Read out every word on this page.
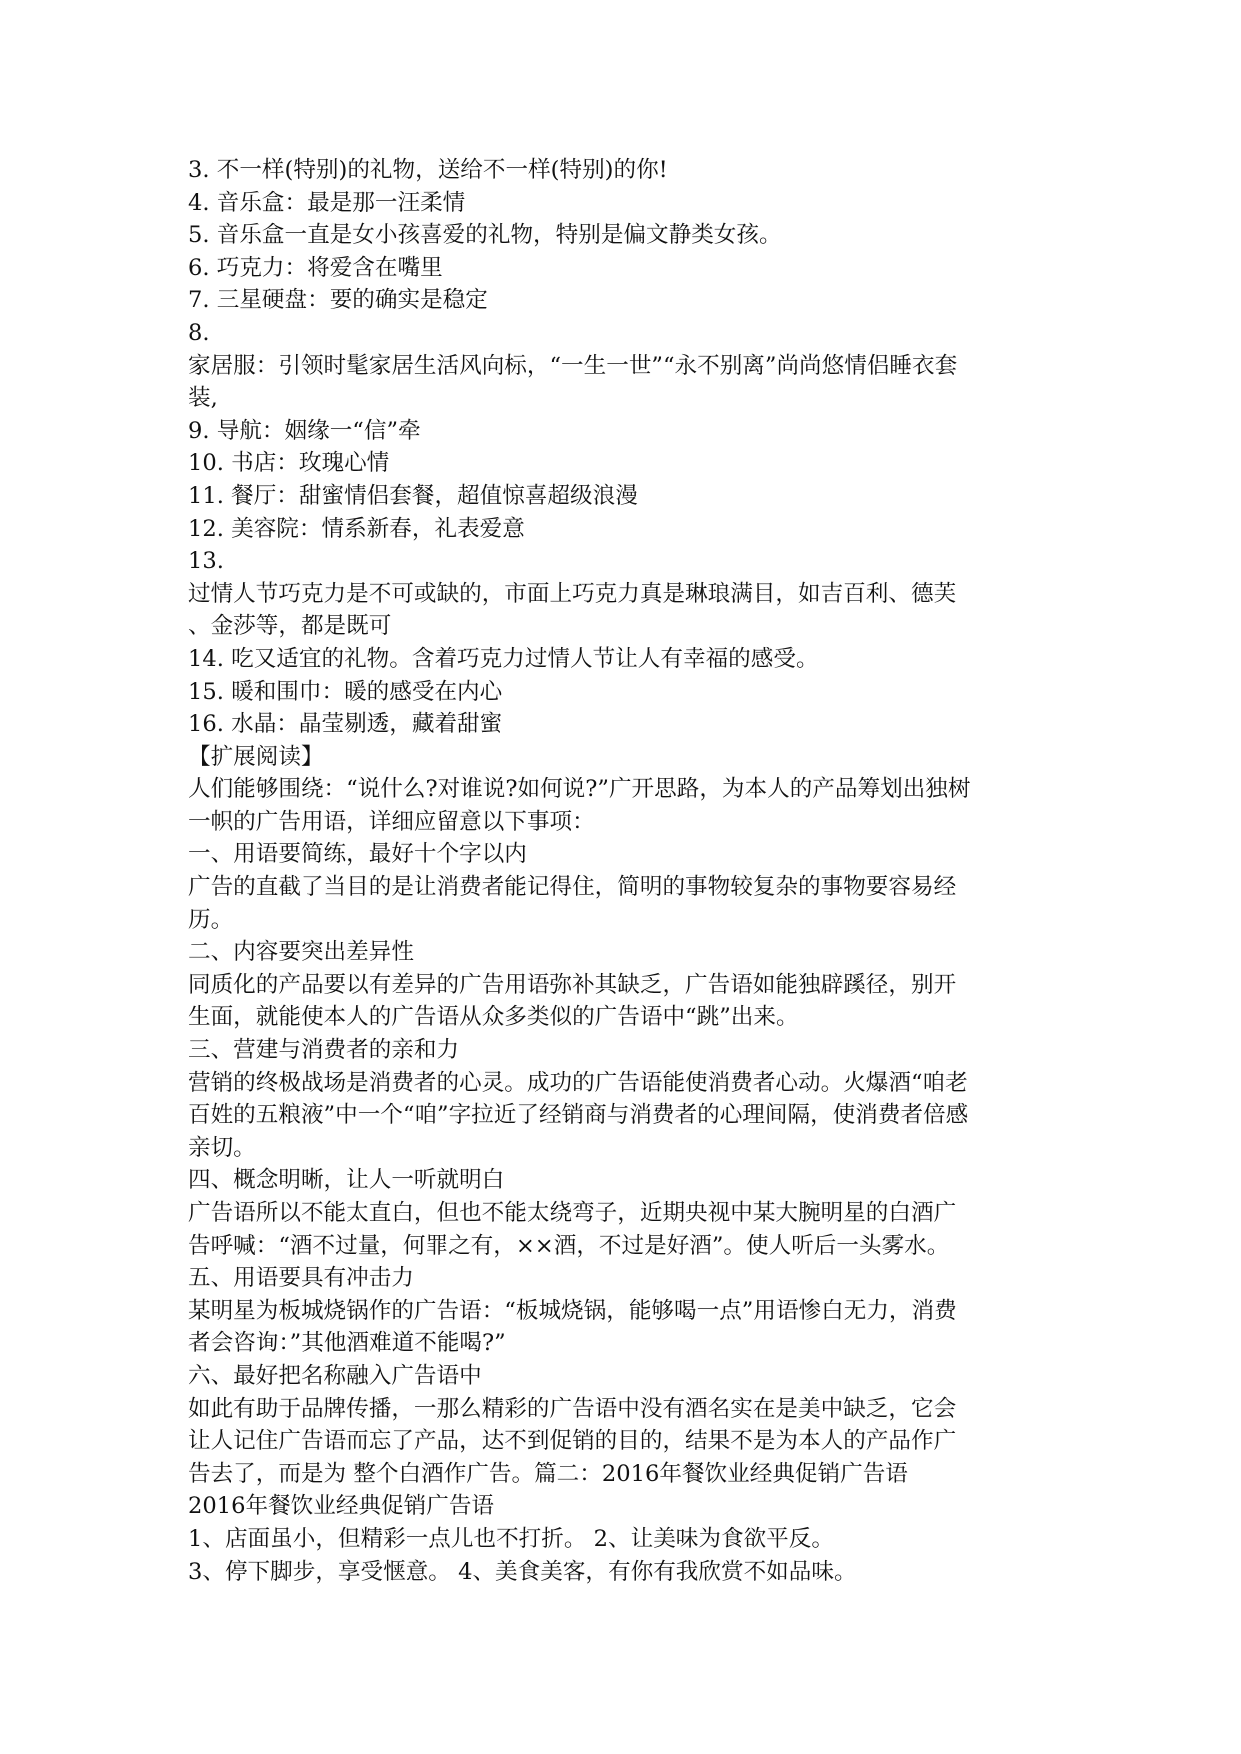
3. 不一样(特别)的礼物，送给不一样(特别)的你!
4. 音乐盒：最是那一汪柔情
5. 音乐盒一直是女小孩喜爱的礼物，特别是偏文静类女孩。
6. 巧克力：将爱含在嘴里
7. 三星硬盘：要的确实是稳定
8.
家居服：引领时髦家居生活风向标，“一生一世”“永不别离”尚尚悠情侣睡衣套
装,
9. 导航：姻缘一“信”牵
10. 书店：玫瑰心情
11. 餐厅：甜蜜情侣套餐，超值惊喜超级浪漫
12. 美容院：情系新春，礼表爱意
13.
过情人节巧克力是不可或缺的，市面上巧克力真是琳琅满目，如吉百利、德芙
、金莎等，都是既可
14. 吃又适宜的礼物。含着巧克力过情人节让人有幸福的感受。
15. 暖和围巾：暖的感受在内心
16. 水晶：晶莹剔透，藏着甜蜜
【扩展阅读】
人们能够围绕：“说什么?对谁说?如何说?”广开思路，为本人的产品筹划出独树
一帜的广告用语，详细应留意以下事项：
一、用语要简练，最好十个字以内
广告的直截了当目的是让消费者能记得住，简明的事物较复杂的事物要容易经
历。
二、内容要突出差异性
同质化的产品要以有差异的广告用语弥补其缺乏，广告语如能独辟蹊径，别开
生面，就能使本人的广告语从众多类似的广告语中“跳”出来。
三、营建与消费者的亲和力
营销的终极战场是消费者的心灵。成功的广告语能使消费者心动。火爆酒“咱老
百姓的五粮液”中一个“咱”字拉近了经销商与消费者的心理间隔，使消费者倍感
亲切。
四、概念明晰，让人一听就明白
广告语所以不能太直白，但也不能太绕弯子，近期央视中某大腕明星的白酒广
告呼喊：“酒不过量，何罪之有，××酒，不过是好酒”。使人听后一头雾水。
五、用语要具有冲击力
某明星为板城烧锅作的广告语：“板城烧锅，能够喝一点”用语惨白无力，消费
者会咨询：”其他酒难道不能喝?”
六、最好把名称融入广告语中
如此有助于品牌传播，一那么精彩的广告语中没有酒名实在是美中缺乏，它会
让人记住广告语而忘了产品，达不到促销的目的，结果不是为本人的产品作广
告去了，而是为 整个白酒作广告。篇二：2016年餐饮业经典促销广告语
2016年餐饮业经典促销广告语
1、店面虽小，但精彩一点儿也不打折。 2、让美味为食欲平反。
3、停下脚步，享受惬意。 4、美食美客，有你有我欣赏不如品味。
